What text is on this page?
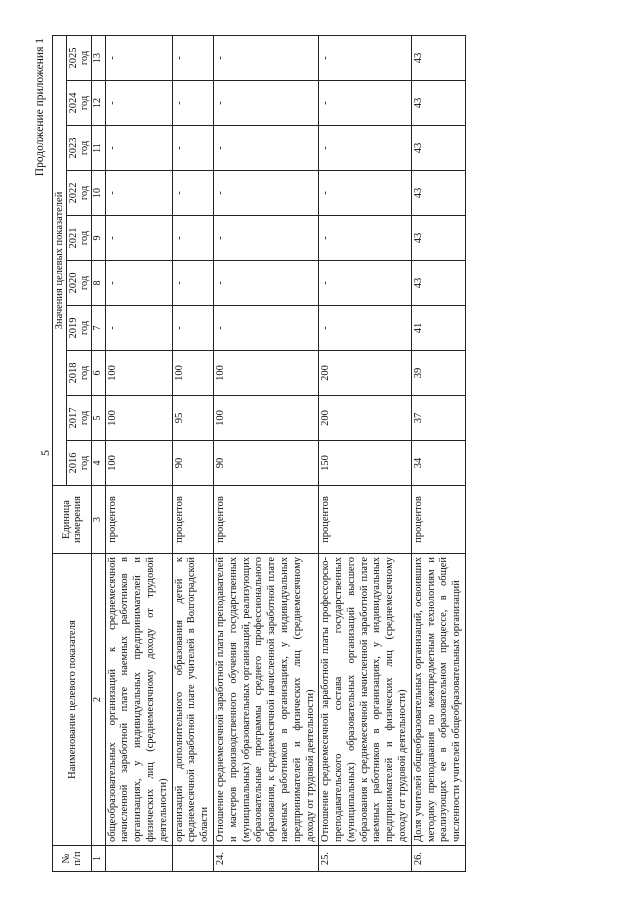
5
Продолжение приложения 1
№
п/п	Наименование целевого показателя	Единица
измерения	Значения целевых показателей									
			2016
год	2017
год	2018
год	2019
год	2020
год	2021
год	2022
год	2023
год	2024
год	2025
год
1	2	3	4	5	6	7	8	9	10	11	12	13
	общеобразовательных организаций к среднемесячной начисленной заработной плате наемных работников в организациях, у индивидуальных предпринимателей и физических лиц (среднемесячному доходу от трудовой деятельности)	процентов	100	100	100	-	-	-	-	-	-	-
	организаций дополнительного образования детей к среднемесячной заработной плате учителей в Волгоградской области	процентов	90	95	100	-	-	-	-	-	-	-
24.	Отношение среднемесячной заработной платы преподавателей и мастеров производственного обучения государственных (муниципальных) образовательных организаций, реализующих образовательные программы среднего профессионального образования, к среднемесячной начисленной заработной плате наемных работников в организациях, у индивидуальных предпринимателей и физических лиц (среднемесячному доходу от трудовой деятельности)	процентов	90	100	100	-	-	-	-	-	-	-
25.	Отношение среднемесячной заработной платы профессорско-преподавательского состава государственных (муниципальных) образовательных организаций высшего образования к среднемесячной начисленной заработной плате наемных работников в организациях, у индивидуальных предпринимателей и физических лиц (среднемесячному доходу от трудовой деятельности)	процентов	150	200	200	-	-	-	-	-	-	-
26.	Доля учителей общеобразовательных организаций, освоивших методику преподавания по межпредметным технологиям и реализующих ее в образовательном процессе, в общей численности учителей общеобразовательных организаций	процентов	34	37	39	41	43	43	43	43	43	43
